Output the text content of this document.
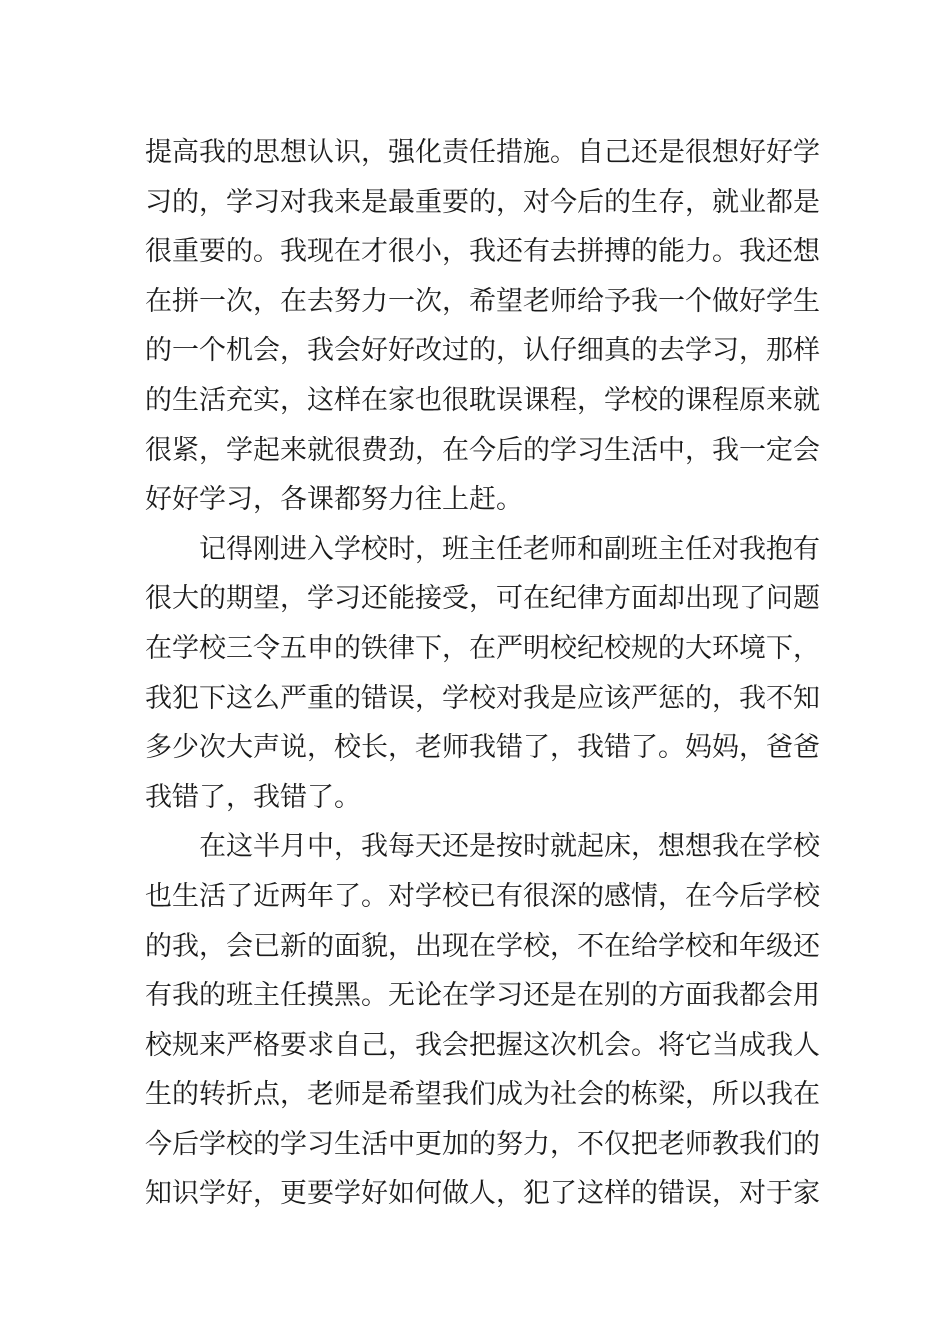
提高我的思想认识，强化责任措施。自己还是很想好好学
习的，学习对我来是最重要的，对今后的生存，就业都是
很重要的。我现在才很小，我还有去拼搏的能力。我还想
在拼一次，在去努力一次，希望老师给予我一个做好学生
的一个机会，我会好好改过的，认仔细真的去学习，那样
的生活充实，这样在家也很耽误课程，学校的课程原来就
很紧，学起来就很费劲，在今后的学习生活中，我一定会
好好学习，各课都努力往上赶。
记得刚进入学校时，班主任老师和副班主任对我抱有
很大的期望，学习还能接受，可在纪律方面却出现了问题
在学校三令五申的铁律下，在严明校纪校规的大环境下，
我犯下这么严重的错误，学校对我是应该严惩的，我不知
多少次大声说，校长，老师我错了，我错了。妈妈，爸爸
我错了，我错了。
在这半月中，我每天还是按时就起床，想想我在学校
也生活了近两年了。对学校已有很深的感情，在今后学校
的我，会已新的面貌，出现在学校，不在给学校和年级还
有我的班主任摸黑。无论在学习还是在别的方面我都会用
校规来严格要求自己，我会把握这次机会。将它当成我人
生的转折点，老师是希望我们成为社会的栋梁，所以我在
今后学校的学习生活中更加的努力，不仅把老师教我们的
知识学好，更要学好如何做人，犯了这样的错误，对于家
